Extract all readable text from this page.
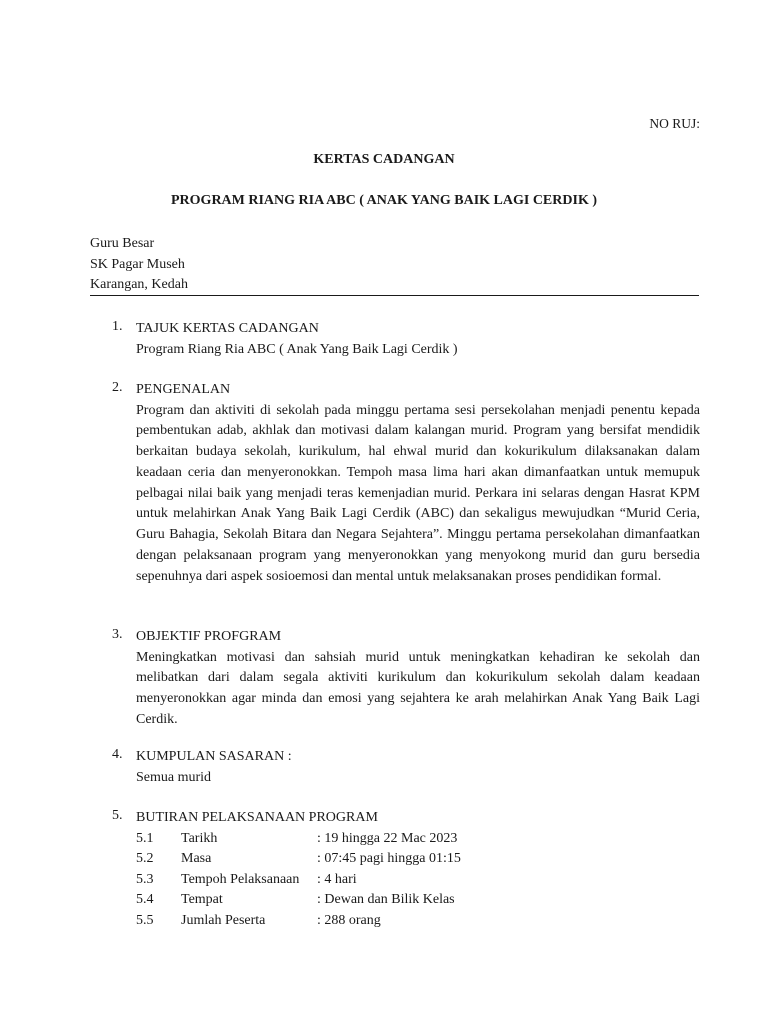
NO RUJ:
KERTAS CADANGAN
PROGRAM RIANG RIA ABC ( ANAK YANG BAIK LAGI CERDIK )
Guru Besar
SK Pagar Museh
Karangan, Kedah
1. TAJUK KERTAS CADANGAN
Program Riang Ria ABC ( Anak Yang Baik Lagi Cerdik )
2. PENGENALAN
Program dan aktiviti di sekolah pada minggu pertama sesi persekolahan menjadi penentu kepada pembentukan adab, akhlak dan motivasi dalam kalangan murid. Program yang bersifat mendidik berkaitan budaya sekolah, kurikulum, hal ehwal murid dan kokurikulum dilaksanakan dalam keadaan ceria dan menyeronokkan. Tempoh masa lima hari akan dimanfaatkan untuk memupuk pelbagai nilai baik yang menjadi teras kemenjadian murid. Perkara ini selaras dengan Hasrat KPM untuk melahirkan Anak Yang Baik Lagi Cerdik (ABC) dan sekaligus mewujudkan “Murid Ceria, Guru Bahagia, Sekolah Bitara dan Negara Sejahtera”. Minggu pertama persekolahan dimanfaatkan dengan pelaksanaan program yang menyeronokkan yang menyokong murid dan guru bersedia sepenuhnya dari aspek sosioemosi dan mental untuk melaksanakan proses pendidikan formal.
3. OBJEKTIF PROFGRAM
Meningkatkan motivasi dan sahsiah murid untuk meningkatkan kehadiran ke sekolah dan melibatkan dari dalam segala aktiviti kurikulum dan kokurikulum sekolah dalam keadaan menyeronokkan agar minda dan emosi yang sejahtera ke arah melahirkan Anak Yang Baik Lagi Cerdik.
4. KUMPULAN SASARAN :
Semua murid
5. BUTIRAN PELAKSANAAN PROGRAM
5.1	Tarikh	: 19 hingga 22 Mac 2023
5.2	Masa	: 07:45 pagi hingga 01:15
5.3	Tempoh Pelaksanaan	: 4 hari
5.4	Tempat	: Dewan dan Bilik Kelas
5.5	Jumlah Peserta	: 288 orang
